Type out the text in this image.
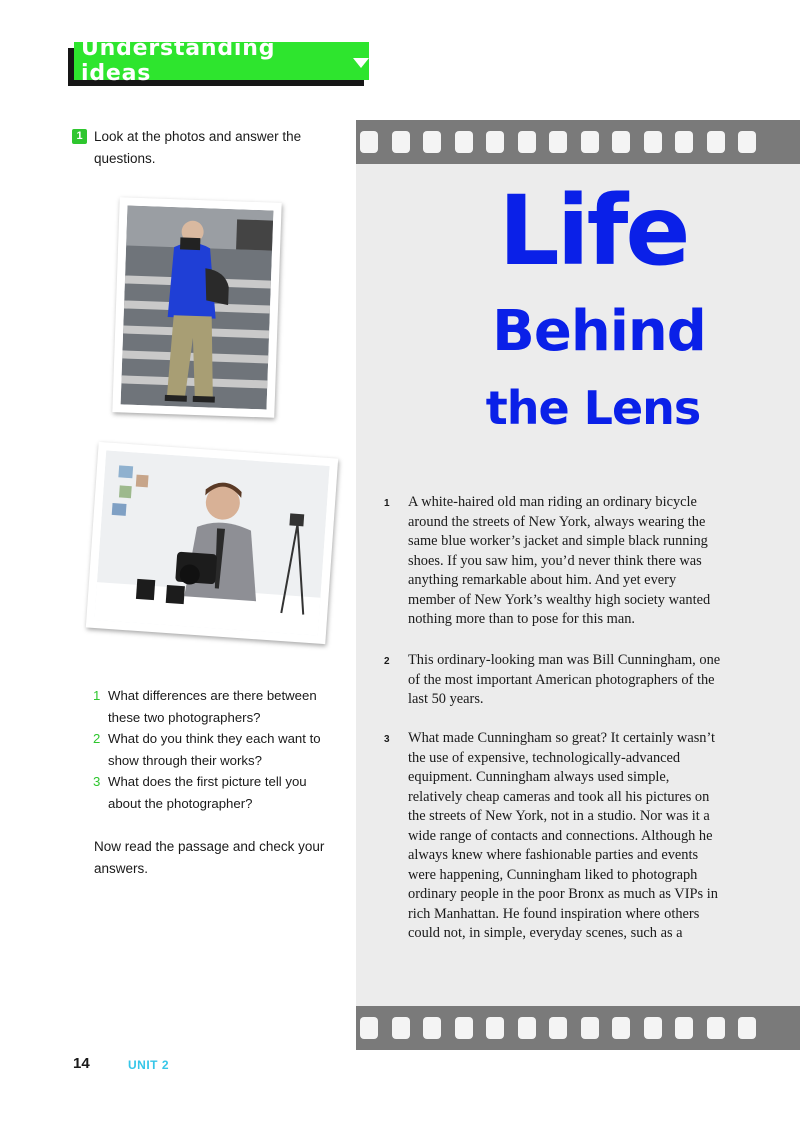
Understanding ideas
1 Look at the photos and answer the questions.
1 What differences are there between these two photographers?
2 What do you think they each want to show through their works?
3 What does the first picture tell you about the photographer?
Now read the passage and check your answers.
Life
Behind
the Lens
1 A white-haired old man riding an ordinary bicycle around the streets of New York, always wearing the same blue worker’s jacket and simple black running shoes. If you saw him, you’d never think there was anything remarkable about him. And yet every member of New York’s wealthy high society wanted nothing more than to pose for this man.
2 This ordinary-looking man was Bill Cunningham, one of the most important American photographers of the last 50 years.
3 What made Cunningham so great? It certainly wasn’t the use of expensive, technologically-advanced equipment. Cunningham always used simple, relatively cheap cameras and took all his pictures on the streets of New York, not in a studio. Nor was it a wide range of contacts and connections. Although he always knew where fashionable parties and events were happening, Cunningham liked to photograph ordinary people in the poor Bronx as much as VIPs in rich Manhattan. He found inspiration where others could not, in simple, everyday scenes, such as a
14	UNIT 2
